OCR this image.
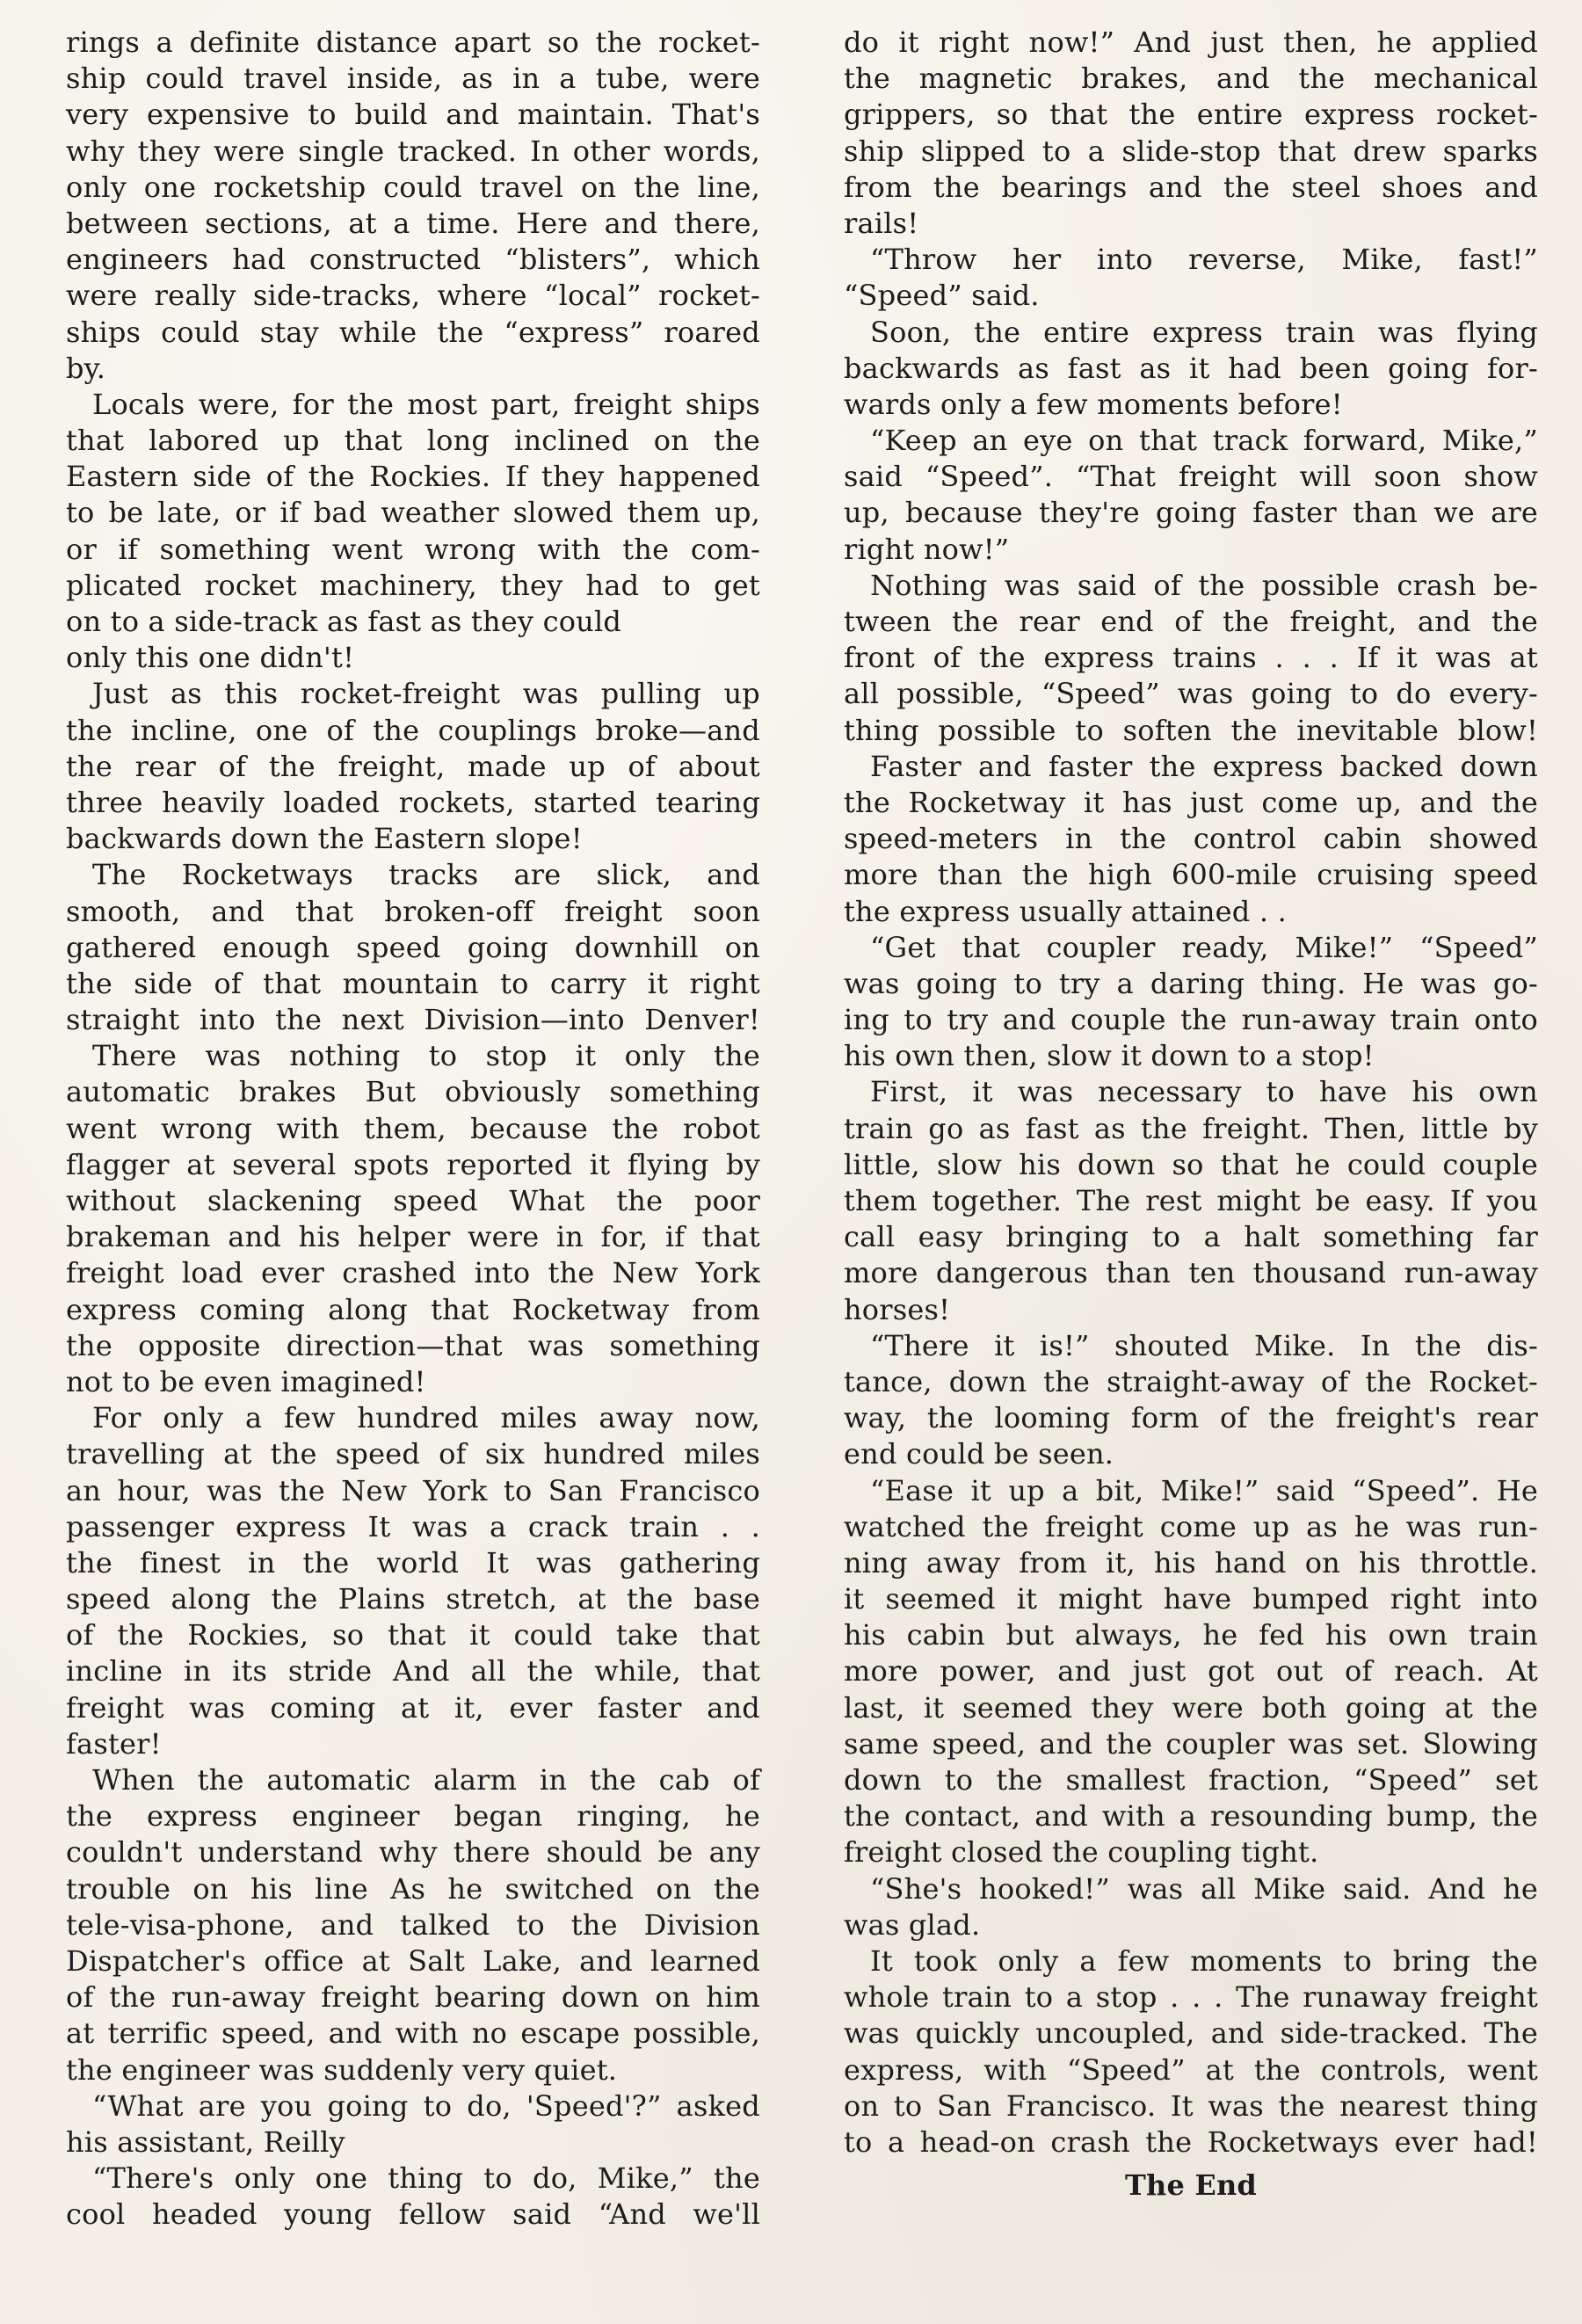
rings a definite distance apart so the rocket-
ship could travel inside, as in a tube, were
very expensive to build and maintain. That's
why they were single tracked. In other words,
only one rocketship could travel on the line,
between sections, at a time. Here and there,
engineers had constructed “blisters”, which
were really side-tracks, where “local” rocket-
ships could stay while the “express” roared
by.
Locals were, for the most part, freight ships
that labored up that long inclined on the
Eastern side of the Rockies. If they happened
to be late, or if bad weather slowed them up,
or if something went wrong with the com-
plicated rocket machinery, they had to get
on to a side-track as fast as they could
only this one didn't!
Just as this rocket-freight was pulling up
the incline, one of the couplings broke—and
the rear of the freight, made up of about
three heavily loaded rockets, started tearing
backwards down the Eastern slope!
The Rocketways tracks are slick, and
smooth, and that broken-off freight soon
gathered enough speed going downhill on
the side of that mountain to carry it right
straight into the next Division—into Denver!
There was nothing to stop it only the
automatic brakes But obviously something
went wrong with them, because the robot
flagger at several spots reported it flying by
without slackening speed What the poor
brakeman and his helper were in for, if that
freight load ever crashed into the New York
express coming along that Rocketway from
the opposite direction—that was something
not to be even imagined!
For only a few hundred miles away now,
travelling at the speed of six hundred miles
an hour, was the New York to San Francisco
passenger express It was a crack train . .
the finest in the world It was gathering
speed along the Plains stretch, at the base
of the Rockies, so that it could take that
incline in its stride And all the while, that
freight was coming at it, ever faster and
faster!
When the automatic alarm in the cab of
the express engineer began ringing, he
couldn't understand why there should be any
trouble on his line As he switched on the
tele-visa-phone, and talked to the Division
Dispatcher's office at Salt Lake, and learned
of the run-away freight bearing down on him
at terrific speed, and with no escape possible,
the engineer was suddenly very quiet.
“What are you going to do, 'Speed'?” asked
his assistant, Reilly
“There's only one thing to do, Mike,” the
cool headed young fellow said “And we'll
do it right now!” And just then, he applied
the magnetic brakes, and the mechanical
grippers, so that the entire express rocket-
ship slipped to a slide-stop that drew sparks
from the bearings and the steel shoes and
rails!
“Throw her into reverse, Mike, fast!”
“Speed” said.
Soon, the entire express train was flying
backwards as fast as it had been going for-
wards only a few moments before!
“Keep an eye on that track forward, Mike,”
said “Speed”. “That freight will soon show
up, because they're going faster than we are
right now!”
Nothing was said of the possible crash be-
tween the rear end of the freight, and the
front of the express trains . . . If it was at
all possible, “Speed” was going to do every-
thing possible to soften the inevitable blow!
Faster and faster the express backed down
the Rocketway it has just come up, and the
speed-meters in the control cabin showed
more than the high 600-mile cruising speed
the express usually attained . .
“Get that coupler ready, Mike!” “Speed”
was going to try a daring thing. He was go-
ing to try and couple the run-away train onto
his own then, slow it down to a stop!
First, it was necessary to have his own
train go as fast as the freight. Then, little by
little, slow his down so that he could couple
them together. The rest might be easy. If you
call easy bringing to a halt something far
more dangerous than ten thousand run-away
horses!
“There it is!” shouted Mike. In the dis-
tance, down the straight-away of the Rocket-
way, the looming form of the freight's rear
end could be seen.
“Ease it up a bit, Mike!” said “Speed”. He
watched the freight come up as he was run-
ning away from it, his hand on his throttle.
it seemed it might have bumped right into
his cabin but always, he fed his own train
more power, and just got out of reach. At
last, it seemed they were both going at the
same speed, and the coupler was set. Slowing
down to the smallest fraction, “Speed” set
the contact, and with a resounding bump, the
freight closed the coupling tight.
“She's hooked!” was all Mike said. And he
was glad.
It took only a few moments to bring the
whole train to a stop . . . The runaway freight
was quickly uncoupled, and side-tracked. The
express, with “Speed” at the controls, went
on to San Francisco. It was the nearest thing
to a head-on crash the Rocketways ever had!
The End
